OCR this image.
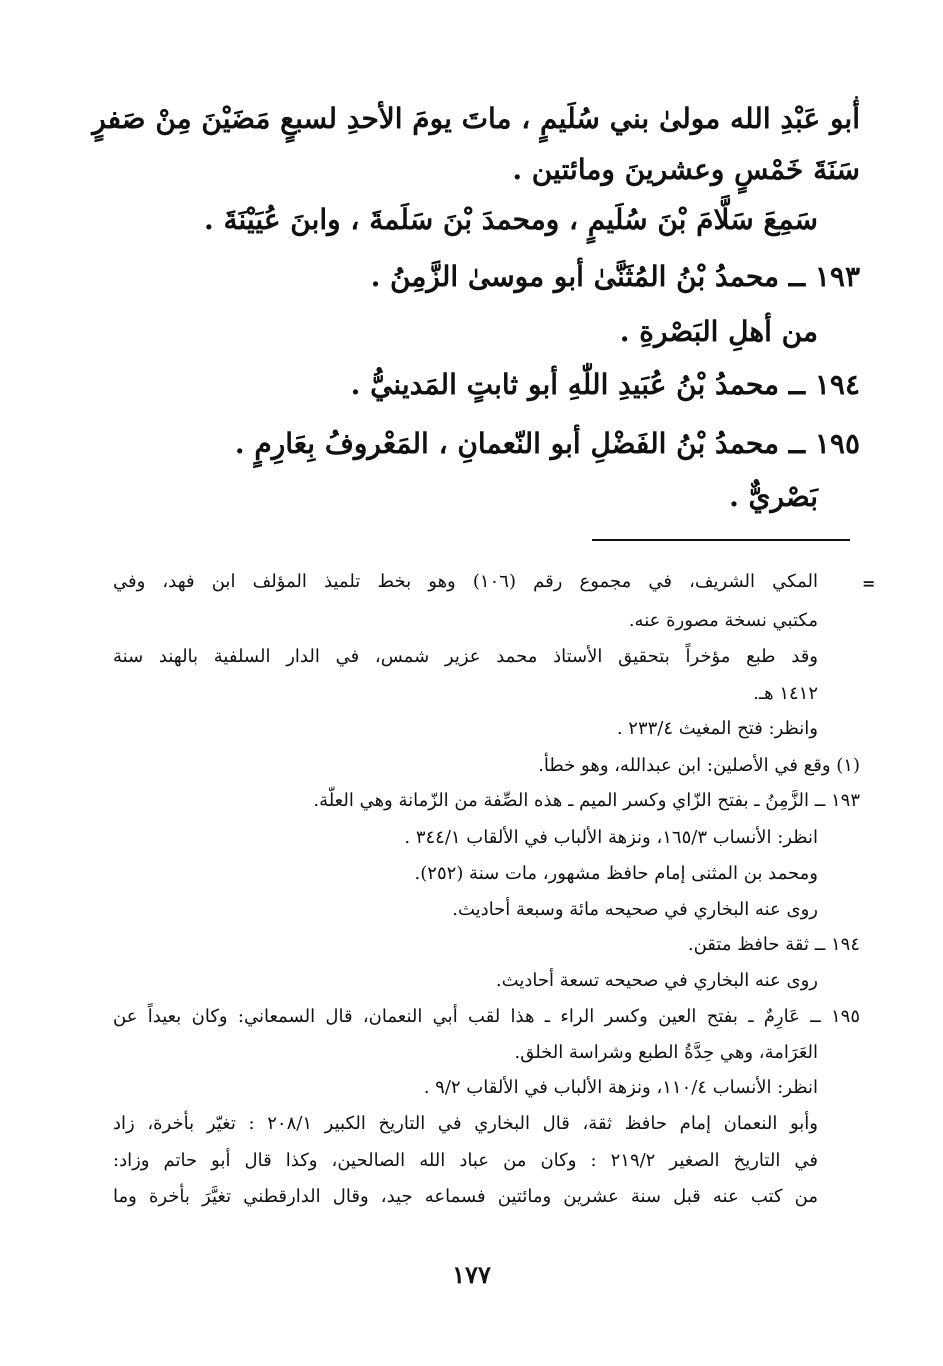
أبو عَبْدِ الله مولىٰ بني سُلَيمٍ ، ماتَ يومَ الأحدِ لسبعٍ مَضَيْنَ مِنْ صَفرٍ
سَنَةَ خَمْسٍ وعشرينَ ومائتين .
سَمِعَ سَلَّامَ بْنَ سُلَيمٍ ، ومحمدَ بْنَ سَلَمةَ ، وابنَ عُيَيْنَةَ .
١٩٣ ــ محمدُ بْنُ المُثَنَّىٰ أبو موسىٰ الزَّمِنُ .
من أهلِ البَصْرةِ .
١٩٤ ــ محمدُ بْنُ عُبَيدِ اللّٰهِ أبو ثابتٍ المَدينيُّ .
١٩٥ ــ محمدُ بْنُ الفَضْلِ أبو النّعمانِ ، المَعْروفُ بِعَارِمٍ .
بَصْريٌّ .
=
المكي الشريف، في مجموع رقم (١٠٦) وهو بخط تلميذ المؤلف ابن فهد، وفي
مكتبي نسخة مصورة عنه.
وقد طبع مؤخراً بتحقيق الأستاذ محمد عزير شمس، في الدار السلفية بالهند سنة
١٤١٢ هـ.
وانظر: فتح المغيث ٢٣٣/٤ .
(١) وقع في الأصلين: ابن عبدالله، وهو خطأ.
١٩٣ ــ الزَّمِنُ ـ بفتح الزّاي وكسر الميم ـ هذه الصِّفة من الزّمانة وهي العلّة.
انظر: الأنساب ١٦٥/٣، ونزهة الألباب في الألقاب ٣٤٤/١ .
ومحمد بن المثنى إمام حافظ مشهور، مات سنة (٢٥٢).
روى عنه البخاري في صحيحه مائة وسبعة أحاديث.
١٩٤ ــ ثقة حافظ متقن.
روى عنه البخاري في صحيحه تسعة أحاديث.
١٩٥ ــ عَارِمٌ ـ بفتح العين وكسر الراء ـ هذا لقب أبي النعمان، قال السمعاني: وكان بعيداً عن
العَرَامة، وهي حِدَّةُ الطبع وشراسة الخلق.
انظر: الأنساب ١١٠/٤، ونزهة الألباب في الألقاب ٩/٢ .
وأبو النعمان إمام حافظ ثقة، قال البخاري في التاريخ الكبير ٢٠٨/١ : تغيّر بأخرة، زاد
في التاريخ الصغير ٢١٩/٢ : وكان من عباد الله الصالحين، وكذا قال أبو حاتم وزاد:
من كتب عنه قبل سنة عشرين ومائتين فسماعه جيد، وقال الدارقطني تغيَّرَ بأخرة وما
١٧٧
